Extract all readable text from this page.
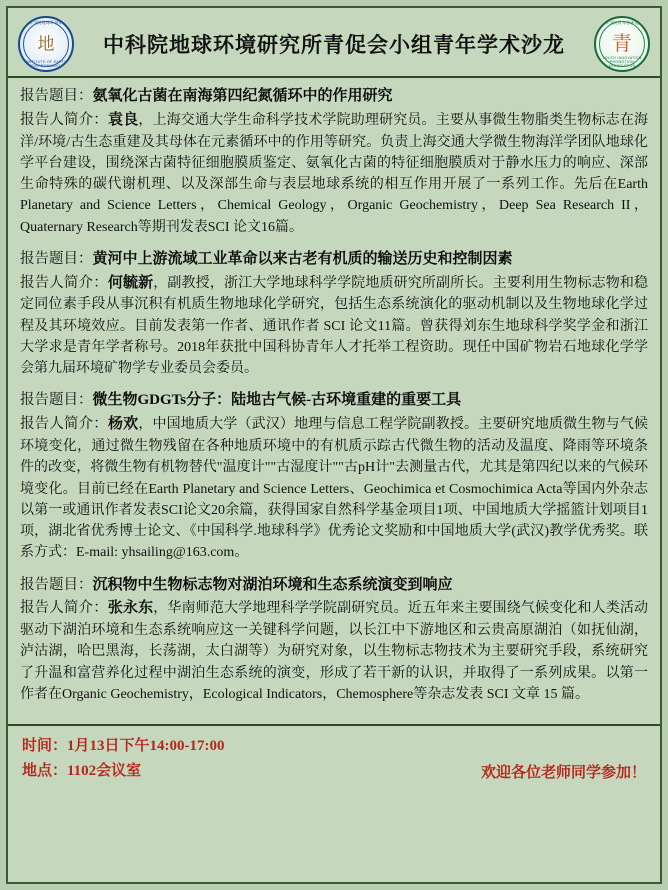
中国科学院地球环境研究所
地
INSTITUTE OF EARTH ENVIRONMENT
中科院地球环境研究所青促会小组青年学术沙龙
中国科学院青年创新促进会
青
YOUTH INNOVATION PROMOTION ASSOCIATION
报告题目：氨氧化古菌在南海第四纪氮循环中的作用研究
报告人简介：袁良，上海交通大学生命科学技术学院助理研究员。主要从事微生物脂类生物标志在海洋/环境/古生态重建及其母体在元素循环中的作用等研究。负责上海交通大学微生物海洋学团队地球化学平台建设，围绕深古菌特征细胞膜质鉴定、氨氧化古菌的特征细胞膜质对于静水压力的响应、深部生命特殊的碳代谢机理、以及深部生命与表层地球系统的相互作用开展了一系列工作。先后在Earth Planetary and Science Letters，Chemical Geology，Organic Geochemistry，Deep Sea Research II，Quaternary Research等期刊发表SCI 论文16篇。
报告题目：黄河中上游流域工业革命以来古老有机质的输送历史和控制因素
报告人简介：何毓新，副教授，浙江大学地球科学学院地质研究所副所长。主要利用生物标志物和稳定同位素手段从事沉积有机质生物地球化学研究，包括生态系统演化的驱动机制以及生物地球化学过程及其环境效应。目前发表第一作者、通讯作者 SCI 论文11篇。曾获得刘东生地球科学奖学金和浙江大学求是青年学者称号。2018年获批中国科协青年人才托举工程资助。现任中国矿物岩石地球化学学会第九届环境矿物学专业委员会委员。
报告题目：微生物GDGTs分子：陆地古气候-古环境重建的重要工具
报告人简介：杨欢，中国地质大学（武汉）地理与信息工程学院副教授。主要研究地质微生物与气候环境变化，通过微生物残留在各种地质环境中的有机质示踪古代微生物的活动及温度、降雨等环境条件的改变，将微生物有机物替代"温度计""古湿度计""古pH计"去测量古代，尤其是第四纪以来的气候环境变化。目前已经在Earth Planetary and Science Letters、Geochimica et Cosmochimica Acta等国内外杂志以第一或通讯作者发表SCI论文20余篇，获得国家自然科学基金项目1项、中国地质大学摇篮计划项目1项，湖北省优秀博士论文、《中国科学.地球科学》优秀论文奖励和中国地质大学(武汉)教学优秀奖。联系方式：E-mail: yhsailing@163.com。
报告题目：沉积物中生物标志物对湖泊环境和生态系统演变到响应
报告人简介：张永东，华南师范大学地理科学学院副研究员。近五年来主要围绕气候变化和人类活动驱动下湖泊环境和生态系统响应这一关键科学问题，以长江中下游地区和云贵高原湖泊（如抚仙湖，泸沽湖，哈巴黑海，长荡湖，太白湖等）为研究对象，以生物标志物技术为主要研究手段，系统研究了升温和富营养化过程中湖泊生态系统的演变，形成了若干新的认识，并取得了一系列成果。以第一作者在Organic Geochemistry，Ecological Indicators，Chemosphere等杂志发表 SCI 文章 15 篇。
时间：1月13日下午14:00-17:00
地点：1102会议室	欢迎各位老师同学参加！
